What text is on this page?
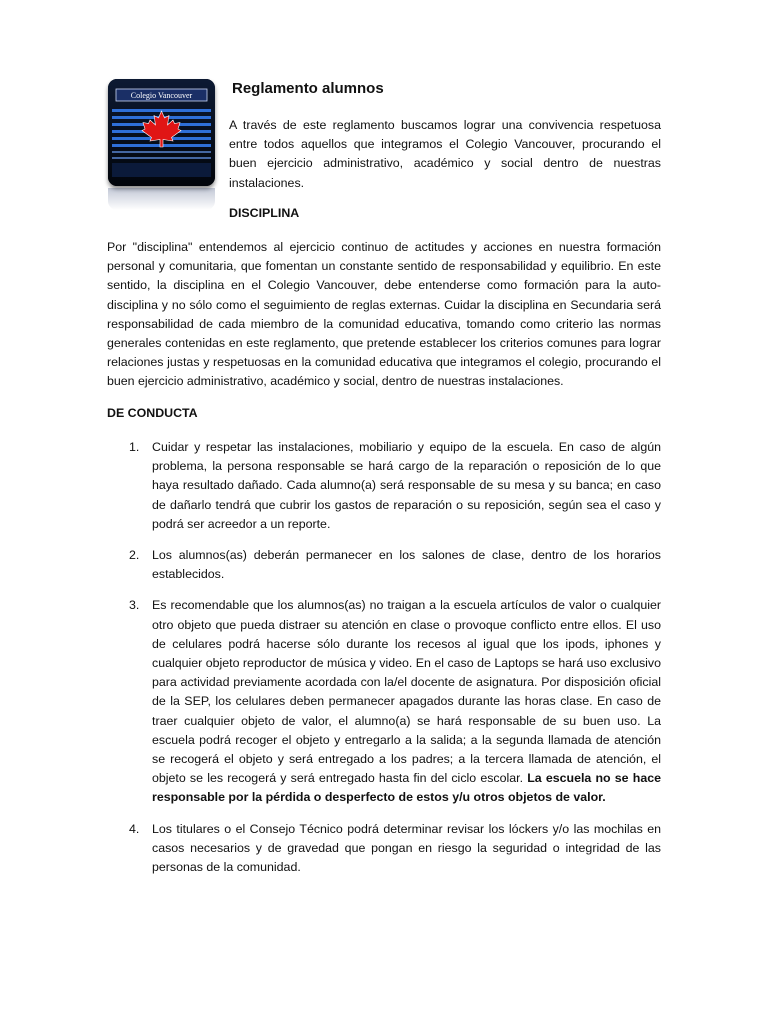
Colegio Vancouver	Reglamento alumnos

A través de este reglamento buscamos lograr una convivencia respetuosa entre todos aquellos que integramos el Colegio Vancouver, procurando el buen ejercicio administrativo, académico y social dentro de nuestras instalaciones.

DISCIPLINA

Por "disciplina" entendemos al ejercicio continuo de actitudes y acciones en nuestra formación personal y comunitaria, que fomentan un constante sentido de responsabilidad y equilibrio. En este sentido, la disciplina en el Colegio Vancouver, debe entenderse como formación para la auto-disciplina y no sólo como el seguimiento de reglas externas. Cuidar la disciplina en Secundaria será responsabilidad de cada miembro de la comunidad educativa, tomando como criterio las normas generales contenidas en este reglamento, que pretende establecer los criterios comunes para lograr relaciones justas y respetuosas en la comunidad educativa que integramos el colegio, procurando el buen ejercicio administrativo, académico y social, dentro de nuestras instalaciones.

DE CONDUCTA
1. Cuidar y respetar las instalaciones, mobiliario y equipo de la escuela. En caso de algún problema, la persona responsable se hará cargo de la reparación o reposición de lo que haya resultado dañado. Cada alumno(a) será responsable de su mesa y su banca; en caso de dañarlo tendrá que cubrir los gastos de reparación o su reposición, según sea el caso y podrá ser acreedor a un reporte.
2. Los alumnos(as) deberán permanecer en los salones de clase, dentro de los horarios establecidos.
3. Es recomendable que los alumnos(as) no traigan a la escuela artículos de valor o cualquier otro objeto que pueda distraer su atención en clase o provoque conflicto entre ellos. El uso de celulares podrá hacerse sólo durante los recesos al igual que los ipods, iphones y cualquier objeto reproductor de música y video. En el caso de Laptops se hará uso exclusivo para actividad previamente acordada con la/el docente de asignatura. Por disposición oficial de la SEP, los celulares deben permanecer apagados durante las horas clase. En caso de traer cualquier objeto de valor, el alumno(a) se hará responsable de su buen uso. La escuela podrá recoger el objeto y entregarlo a la salida; a la segunda llamada de atención se recogerá el objeto y será entregado a los padres; a la tercera llamada de atención, el objeto se les recogerá y será entregado hasta fin del ciclo escolar. La escuela no se hace responsable por la pérdida o desperfecto de estos y/u otros objetos de valor.
4. Los titulares o el Consejo Técnico podrá determinar revisar los lóckers y/o las mochilas en casos necesarios y de gravedad que pongan en riesgo la seguridad o integridad de las personas de la comunidad.
